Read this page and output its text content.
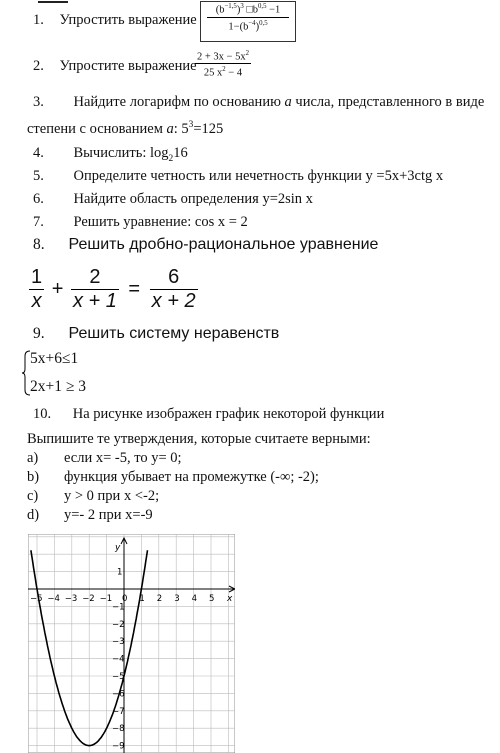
1. Упростить выражение
$(b^{-1,5})^3$ $□b^{0,5} -1$
$1-(b^{-4})^{0,5}$
2. Упростите выражение
$2 + 3x - 5x^2$
25 $x^2 - 4$
3. Найдите логарифм по основанию а числа, представленного в виде
степени с основанием а: $5^3=125$
4. Вычислить: $\log_216$
5. Определите четность или нечетность функции y =5x+3ctg x
6. Найдите область определения y=2sin x
7. Решить уравнение: cos x = 2
8. Решить дробно-рациональное уравнение
$\frac{1}{x} + \frac{2}{x + 1} = \frac{6}{x + 2}$
9. Решить систему неравенств
5x+6≤1
2x+1 ≥ 3
10. На рисунке изображен график некоторой функции
Выпишите те утверждения, которые считаете верными:
a) если x= -5, то y= 0;
b) функция убывает на промежутке (-∞; -2);
c) y > 0 при x <-2;
d) y=- 2 при x=-9
x
y
−5 −4 −3 −2 −1 0 1 2 3 4 5
1
−1
−2
−3
−4
−5
−6
−7
−8
−9
